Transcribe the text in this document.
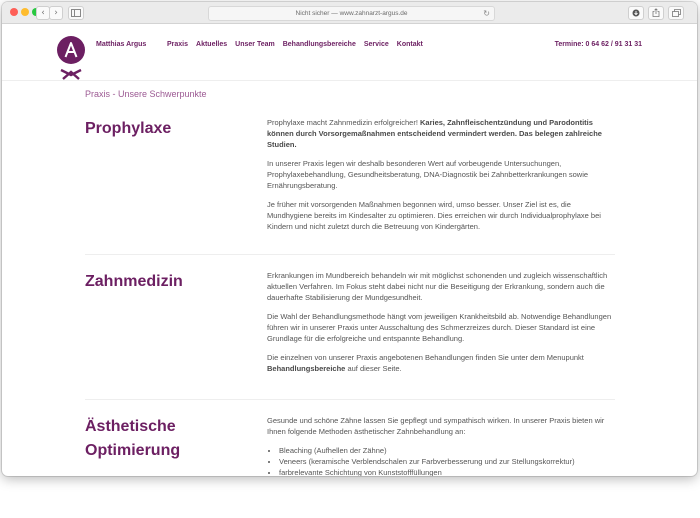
‹	›	Nicht sicher — www.zahnarzt-argus.de	↻
Matthias Argus	Praxis Aktuelles Unser Team Behandlungsbereiche Service Kontakt	Termine: 0 64 62 / 91 31 31
Praxis - Unsere Schwerpunkte
Prophylaxe	Prophylaxe macht Zahnmedizin erfolgreicher! Karies, Zahnfleischentzündung und Parodontitis können durch Vorsorgemaßnahmen entscheidend vermindert werden. Das belegen zahlreiche Studien.

In unserer Praxis legen wir deshalb besonderen Wert auf vorbeugende Untersuchungen, Prophylaxebehandlung, Gesundheitsberatung, DNA-Diagnostik bei Zahnbetterkrankungen sowie Ernährungsberatung.

Je früher mit vorsorgenden Maßnahmen begonnen wird, umso besser. Unser Ziel ist es, die Mundhygiene bereits im Kindesalter zu optimieren. Dies erreichen wir durch Individualprophylaxe bei Kindern und nicht zuletzt durch die Betreuung von Kindergärten.

Zahnmedizin	Erkrankungen im Mundbereich behandeln wir mit möglichst schonenden und zugleich wissenschaftlich aktuellen Verfahren. Im Fokus steht dabei nicht nur die Beseitigung der Erkrankung, sondern auch die dauerhafte Stabilisierung der Mundgesundheit.

Die Wahl der Behandlungsmethode hängt vom jeweiligen Krankheitsbild ab. Notwendige Behandlungen führen wir in unserer Praxis unter Ausschaltung des Schmerzreizes durch. Dieser Standard ist eine Grundlage für die erfolgreiche und entspannte Behandlung.

Die einzelnen von unserer Praxis angebotenen Behandlungen finden Sie unter dem Menupunkt Behandlungsbereiche auf dieser Seite.

Ästhetische Optimierung

Gesunde und schöne Zähne lassen Sie gepflegt und sympathisch wirken. In unserer Praxis bieten wir Ihnen folgende Methoden ästhetischer Zahnbehandlung an:

• Bleaching (Aufhellen der Zähne)
• Veneers (keramische Verblendschalen zur Farbverbesserung und zur Stellungskorrektur)
• farbrelevante Schichtung von Kunststofffüllungen
